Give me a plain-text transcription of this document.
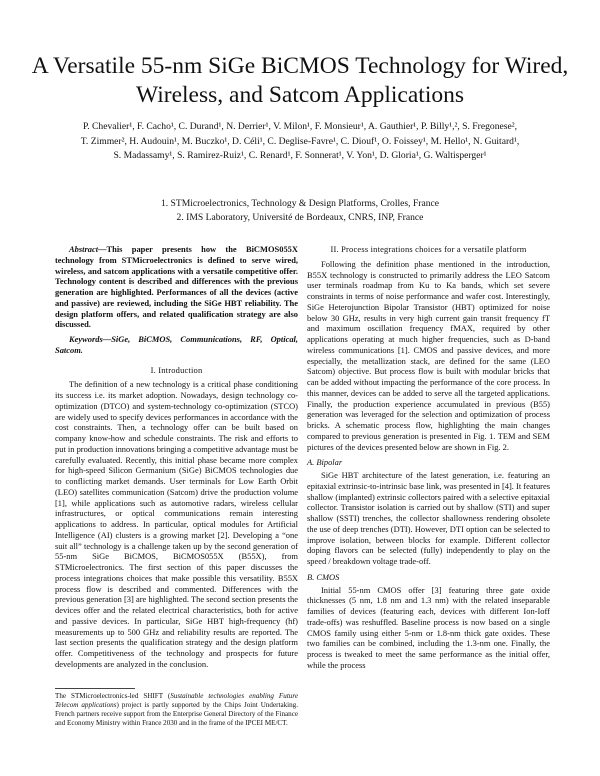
A Versatile 55-nm SiGe BiCMOS Technology for Wired, Wireless, and Satcom Applications
P. Chevalier¹, F. Cacho¹, C. Durand¹, N. Derrier¹, V. Milon¹, F. Monsieur¹, A. Gauthier¹, P. Billy¹,², S. Fregonese²,
T. Zimmer², H. Audouin¹, M. Buczko¹, D. Céli¹, C. Deglise-Favre¹, C. Diouf¹, O. Foissey¹, M. Hello¹, N. Guitard¹,
S. Madassamy¹, S. Ramirez-Ruiz¹, C. Renard¹, F. Sonnerat¹, V. Yon¹, D. Gloria¹, G. Waltisperger¹
1. STMicroelectronics, Technology & Design Platforms, Crolles, France
2. IMS Laboratory, Université de Bordeaux, CNRS, INP, France

Abstract—This paper presents how the BiCMOS055X technology from STMicroelectronics is defined to serve wired, wireless, and satcom applications with a versatile competitive offer. Technology content is described and differences with the previous generation are highlighted. Performances of all the devices (active and passive) are reviewed, including the SiGe HBT reliability. The design platform offers, and related qualification strategy are also discussed.

Keywords—SiGe, BiCMOS, Communications, RF, Optical, Satcom.

I. Introduction

The definition of a new technology is a critical phase conditioning its success i.e. its market adoption. Nowadays, design technology co-optimization (DTCO) and system-technology co-optimization (STCO) are widely used to specify devices performances in accordance with the cost constraints. Then, a technology offer can be built based on company know-how and schedule constraints. The risk and efforts to put in production innovations bringing a competitive advantage must be carefully evaluated. Recently, this initial phase became more complex for high-speed Silicon Germanium (SiGe) BiCMOS technologies due to conflicting market demands. User terminals for Low Earth Orbit (LEO) satellites communication (Satcom) drive the production volume [1], while applications such as automotive radars, wireless cellular infrastructures, or optical communications remain interesting applications to address. In particular, optical modules for Artificial Intelligence (AI) clusters is a growing market [2]. Developing a “one suit all” technology is a challenge taken up by the second generation of 55-nm SiGe BiCMOS, BiCMOS055X (B55X), from STMicroelectronics. The first section of this paper discusses the process integrations choices that make possible this versatility. B55X process flow is described and commented. Differences with the previous generation [3] are highlighted. The second section presents the devices offer and the related electrical characteristics, both for active and passive devices. In particular, SiGe HBT high-frequency (hf) measurements up to 500 GHz and reliability results are reported. The last section presents the qualification strategy and the design platform offer. Competitiveness of the technology and prospects for future developments are analyzed in the conclusion.

The STMicroelectronics-led SHIFT (Sustainable technologies enabling Future Telecom applications) project is partly supported by the Chips Joint Undertaking. French partners receive support from the Enterprise General Directory of the Finance and Economy Ministry within France 2030 and in the frame of the IPCEI ME/CT.

II. Process integrations choices for a versatile platform

Following the definition phase mentioned in the introduction, B55X technology is constructed to primarily address the LEO Satcom user terminals roadmap from Ku to Ka bands, which set severe constraints in terms of noise performance and wafer cost. Interestingly, SiGe Heterojunction Bipolar Transistor (HBT) optimized for noise below 30 GHz, results in very high current gain transit frequency fT and maximum oscillation frequency fMAX, required by other applications operating at much higher frequencies, such as D-band wireless communications [1]. CMOS and passive devices, and more especially, the metallization stack, are defined for the same (LEO Satcom) objective. But process flow is built with modular bricks that can be added without impacting the performance of the core process. In this manner, devices can be added to serve all the targeted applications. Finally, the production experience accumulated in previous (B55) generation was leveraged for the selection and optimization of process bricks. A schematic process flow, highlighting the main changes compared to previous generation is presented in Fig. 1. TEM and SEM pictures of the devices presented below are shown in Fig. 2.

A. Bipolar

SiGe HBT architecture of the latest generation, i.e. featuring an epitaxial extrinsic-to-intrinsic base link, was presented in [4]. It features shallow (implanted) extrinsic collectors paired with a selective epitaxial collector. Transistor isolation is carried out by shallow (STI) and super shallow (SSTI) trenches, the collector shallowness rendering obsolete the use of deep trenches (DTI). However, DTI option can be selected to improve isolation, between blocks for example. Different collector doping flavors can be selected (fully) independently to play on the speed / breakdown voltage trade-off.

B. CMOS

Initial 55-nm CMOS offer [3] featuring three gate oxide thicknesses (5 nm, 1.8 nm and 1.3 nm) with the related inseparable families of devices (featuring each, devices with different Ion-Ioff trade-offs) was reshuffled. Baseline process is now based on a single CMOS family using either 5-nm or 1.8-nm thick gate oxides. These two families can be combined, including the 1.3-nm one. Finally, the process is tweaked to meet the same performance as the initial offer, while the process
